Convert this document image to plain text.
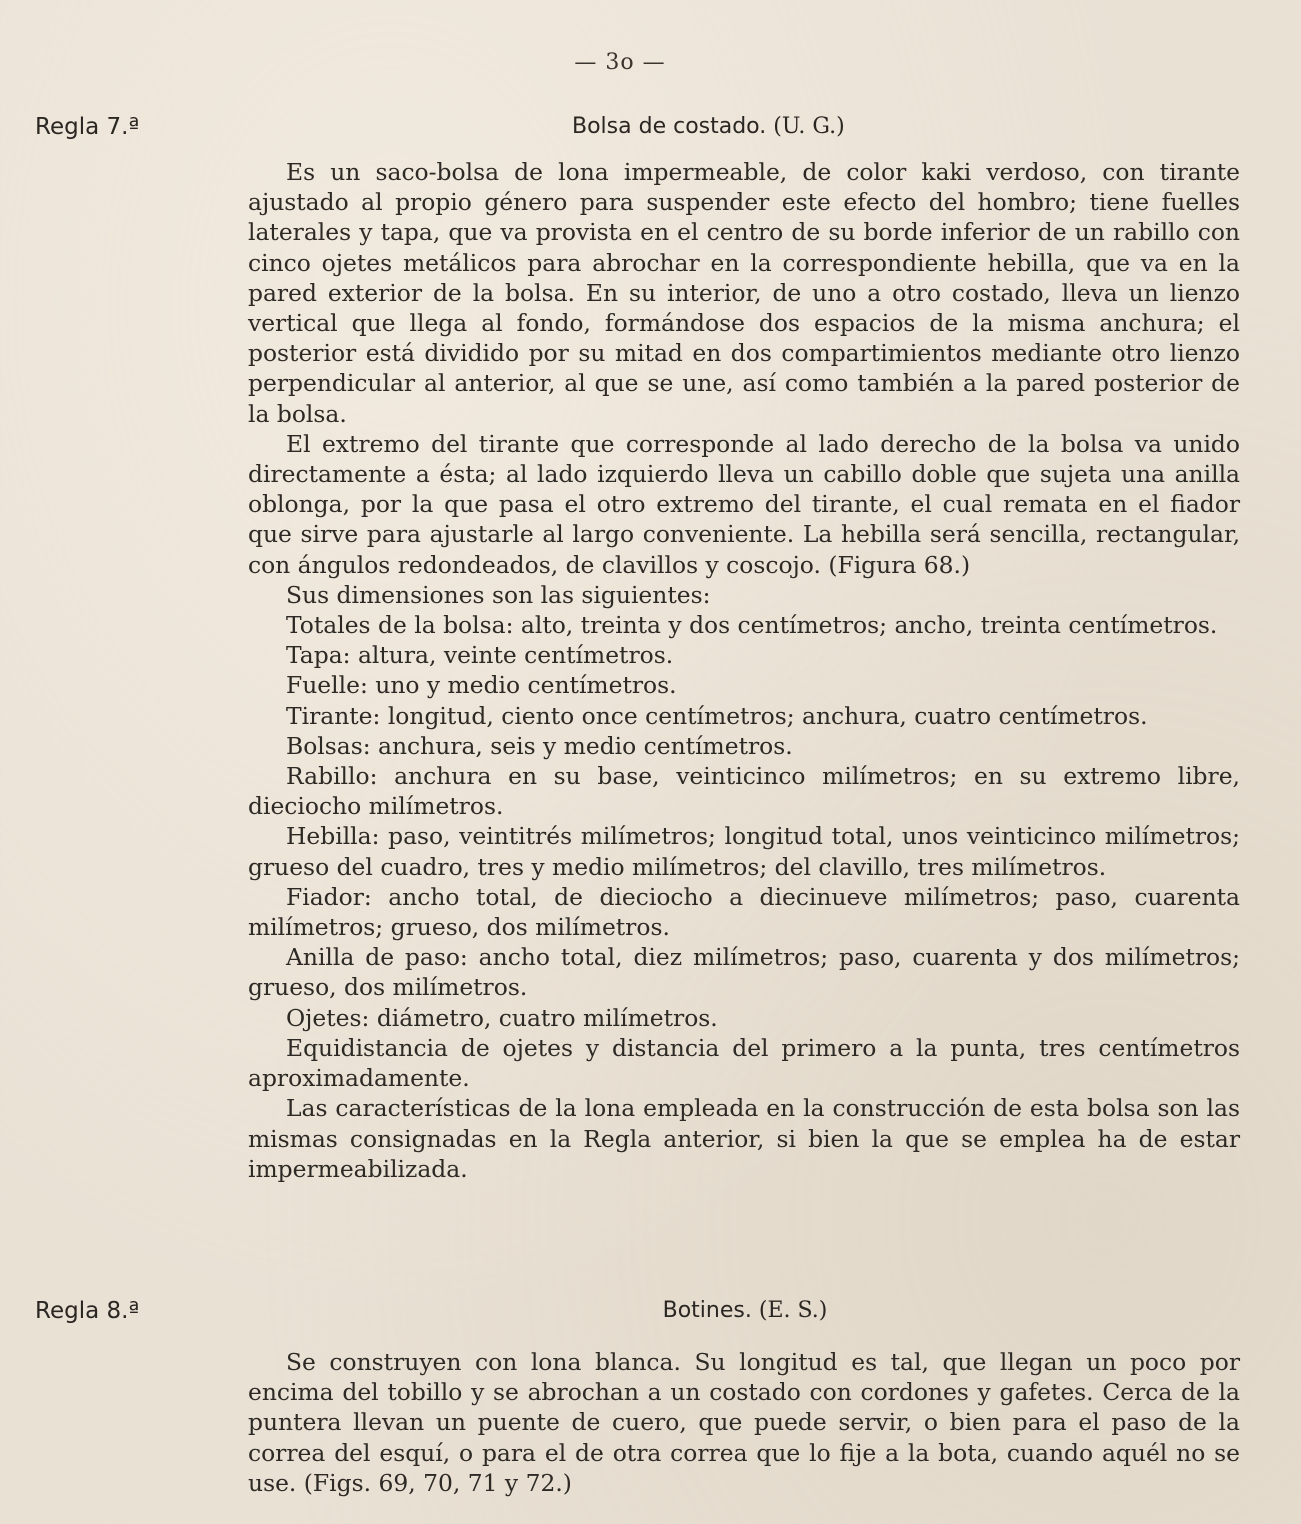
— 3o —
Regla 7.ª	Bolsa de costado. (U. G.)

Es un saco-bolsa de lona impermeable, de color kaki verdoso, con tirante ajustado al propio género para suspender este efecto del hombro; tiene fuelles laterales y tapa, que va provista en el centro de su borde inferior de un rabillo con cinco ojetes metálicos para abrochar en la correspondiente hebilla, que va en la pared exterior de la bolsa. En su interior, de uno a otro costado, lleva un lienzo vertical que llega al fondo, formándose dos espacios de la misma anchura; el posterior está dividido por su mitad en dos compartimientos mediante otro lienzo perpendicular al anterior, al que se une, así como también a la pared posterior de la bolsa.

El extremo del tirante que corresponde al lado derecho de la bolsa va unido directamente a ésta; al lado izquierdo lleva un cabillo doble que sujeta una anilla oblonga, por la que pasa el otro extremo del tirante, el cual remata en el fiador que sirve para ajustarle al largo conveniente. La hebilla será sencilla, rectangular, con ángulos redondeados, de clavillos y coscojo. (Figura 68.)

Sus dimensiones son las siguientes:

Totales de la bolsa: alto, treinta y dos centímetros; ancho, treinta centímetros.

Tapa: altura, veinte centímetros.

Fuelle: uno y medio centímetros.

Tirante: longitud, ciento once centímetros; anchura, cuatro centímetros.

Bolsas: anchura, seis y medio centímetros.

Rabillo: anchura en su base, veinticinco milímetros; en su extremo libre, dieciocho milímetros.

Hebilla: paso, veintitrés milímetros; longitud total, unos veinticinco milímetros; grueso del cuadro, tres y medio milímetros; del clavillo, tres milímetros.

Fiador: ancho total, de dieciocho a diecinueve milímetros; paso, cuarenta milímetros; grueso, dos milímetros.

Anilla de paso: ancho total, diez milímetros; paso, cuarenta y dos milímetros; grueso, dos milímetros.

Ojetes: diámetro, cuatro milímetros.

Equidistancia de ojetes y distancia del primero a la punta, tres centímetros aproximadamente.

Las características de la lona empleada en la construcción de esta bolsa son las mismas consignadas en la Regla anterior, si bien la que se emplea ha de estar impermeabilizada.

Regla 8.ª	Botines. (E. S.)

Se construyen con lona blanca. Su longitud es tal, que llegan un poco por encima del tobillo y se abrochan a un costado con cordones y gafetes. Cerca de la puntera llevan un puente de cuero, que puede servir, o bien para el paso de la correa del esquí, o para el de otra correa que lo fije a la bota, cuando aquél no se use. (Figs. 69, 70, 71 y 72.)
